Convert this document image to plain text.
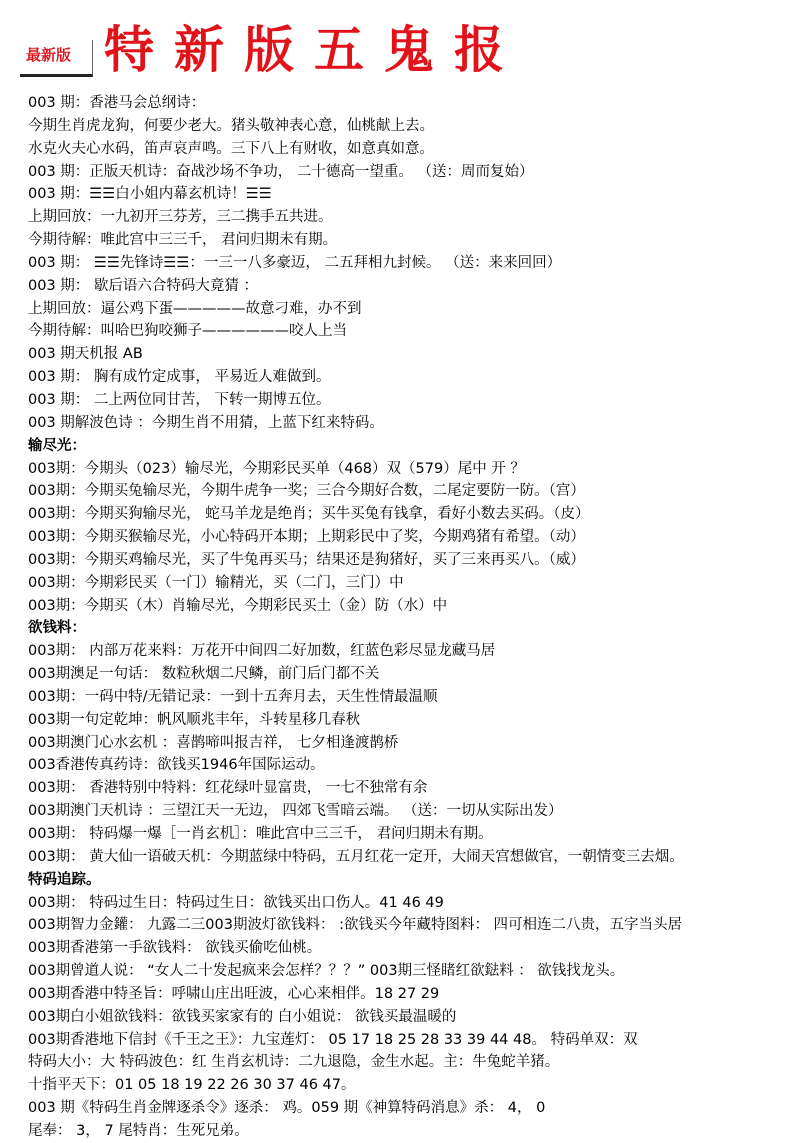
最新版 特新版五鬼报
003 期：香港马会总纲诗：
今期生肖虎龙狗，何要少老大。猪头敬神表心意，仙桃献上去。
水克火夫心水码，笛声哀声鸣。三下八上有财收，如意真如意。
003 期：正版天机诗：奋战沙场不争功， 二十德高一望重。 （送：周而复始）
003 期：☰☰白小姐内幕玄机诗！☰☰
上期回放：一九初开三芬芳，三二携手五共进。
今期待解：唯此宫中三三千， 君问归期未有期。
003 期： ☰☰先锋诗☰☰：一三一八多豪迈， 二五拜相九封候。 （送：来来回回）
003 期： 歇后语六合特码大竟猜 ：
上期回放：逼公鸡下蛋—————故意刁难，办不到
今期待解：叫哈巴狗咬狮子——————咬人上当
003 期天机报 AB
003 期： 胸有成竹定成事， 平易近人难做到。
003 期： 二上两位同甘苦， 下转一期博五位。
003 期解波色诗 ：今期生肖不用猜，上蓝下红来特码。
输尽光：
003期：今期头（023）输尽光，今期彩民买单（468）双（579）尾中 开 ？
003期：今期买兔输尽光，今期牛虎争一奖；三合今期好合数，二尾定要防一防。（宫）
003期：今期买狗输尽光， 蛇马羊龙是绝肖；买牛买兔有钱拿，看好小数去买码。（皮）
003期：今期买猴输尽光，小心特码开本期；上期彩民中了奖，今期鸡猪有希望。（动）
003期：今期买鸡输尽光，买了牛兔再买马；结果还是狗猪好，买了三来再买八。（威）
003期：今期彩民买（一门）输精光，买（二门，三门）中
003期：今期买（木）肖输尽光，今期彩民买土（金）防（水）中
欲钱料：
003期： 内部万花来料：万花开中间四二好加数，红蓝色彩尽显龙藏马居
003期澳足一句话： 数粒秋烟二尺鳞，前门后门都不关
003期：一码中特/无错记录：一到十五奔月去，天生性情最温顺
003期一句定乾坤：帆风顺兆丰年，斗转星移几春秋
003期澳门心水玄机 ：喜鹊啼叫报吉祥， 七夕相逢渡鹊桥
003香港传真药诗：欲钱买1946年国际运动。
003期： 香港特别中特料：红花绿叶显富贵， 一七不独常有余
003期澳门天机诗 ：三望江天一无边， 四郊飞雪暗云端。 （送：一切从实际出发）
003期： 特码爆一爆［一肖玄机］：唯此宫中三三千， 君问归期未有期。
003期： 黄大仙一语破天机：今期蓝绿中特码，五月红花一定开，大闹天宫想做官，一朝情变三去烟。
特码追踪。
003期： 特码过生日：特码过生日：欲钱买出口伤人。41 46 49
003期智力金鑵： 九露二三003期波灯欲钱料： :欲钱买今年藏特图料： 四可相连二八贵，五字当头居
003期香港第一手欲钱料： 欲钱买偷吃仙桃。
003期曾道人说： “女人二十发起疯来会怎样？？？” 003期三怪睹红欲鍅料 ： 欲钱找龙头。
003期香港中特圣旨：呼啸山庄出旺波，心心来相伴。18 27 29
003期白小姐欲钱料：欲钱买家家有的 白小姐说： 欲钱买最温暖的
003期香港地下信封《千王之王》：九宝莲灯： 05 17 18 25 28 33 39 44 48。 特码单双：双
特码大小：大 特码波色：红 生肖玄机诗：二九退隐，金生水起。主：牛兔蛇羊猪。
十指平天下：01 05 18 19 22 26 30 37 46 47。
003 期《特码生肖金牌逐杀令》逐杀： 鸡。059 期《神算特码消息》杀： 4， 0
尾奉： 3， 7 尾特肖：生死兄弟。
